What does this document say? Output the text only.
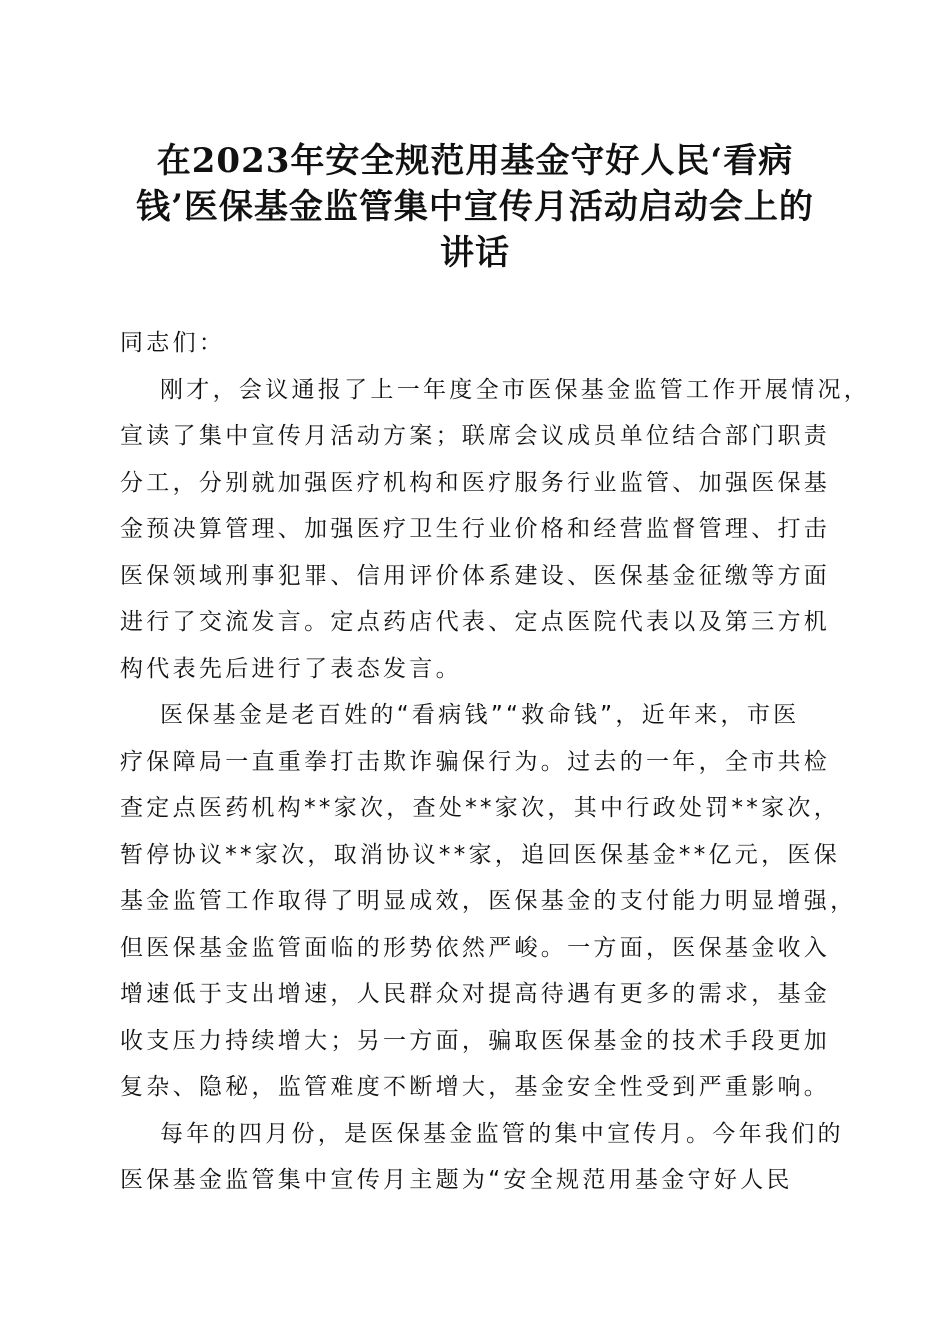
在2023年安全规范用基金守好人民‘看病
钱’医保基金监管集中宣传月活动启动会上的
讲话

同志们：

刚才，会议通报了上一年度全市医保基金监管工作开展情况，
宣读了集中宣传月活动方案；联席会议成员单位结合部门职责
分工，分别就加强医疗机构和医疗服务行业监管、加强医保基
金预决算管理、加强医疗卫生行业价格和经营监督管理、打击
医保领域刑事犯罪、信用评价体系建设、医保基金征缴等方面
进行了交流发言。定点药店代表、定点医院代表以及第三方机
构代表先后进行了表态发言。

医保基金是老百姓的“看病钱”“救命钱”，近年来，市医
疗保障局一直重拳打击欺诈骗保行为。过去的一年，全市共检
查定点医药机构**家次，查处**家次，其中行政处罚**家次，
暂停协议**家次，取消协议**家，追回医保基金**亿元，医保
基金监管工作取得了明显成效，医保基金的支付能力明显增强，
但医保基金监管面临的形势依然严峻。一方面，医保基金收入
增速低于支出增速，人民群众对提高待遇有更多的需求，基金
收支压力持续增大；另一方面，骗取医保基金的技术手段更加
复杂、隐秘，监管难度不断增大，基金安全性受到严重影响。

每年的四月份，是医保基金监管的集中宣传月。今年我们的
医保基金监管集中宣传月主题为“安全规范用基金守好人民
